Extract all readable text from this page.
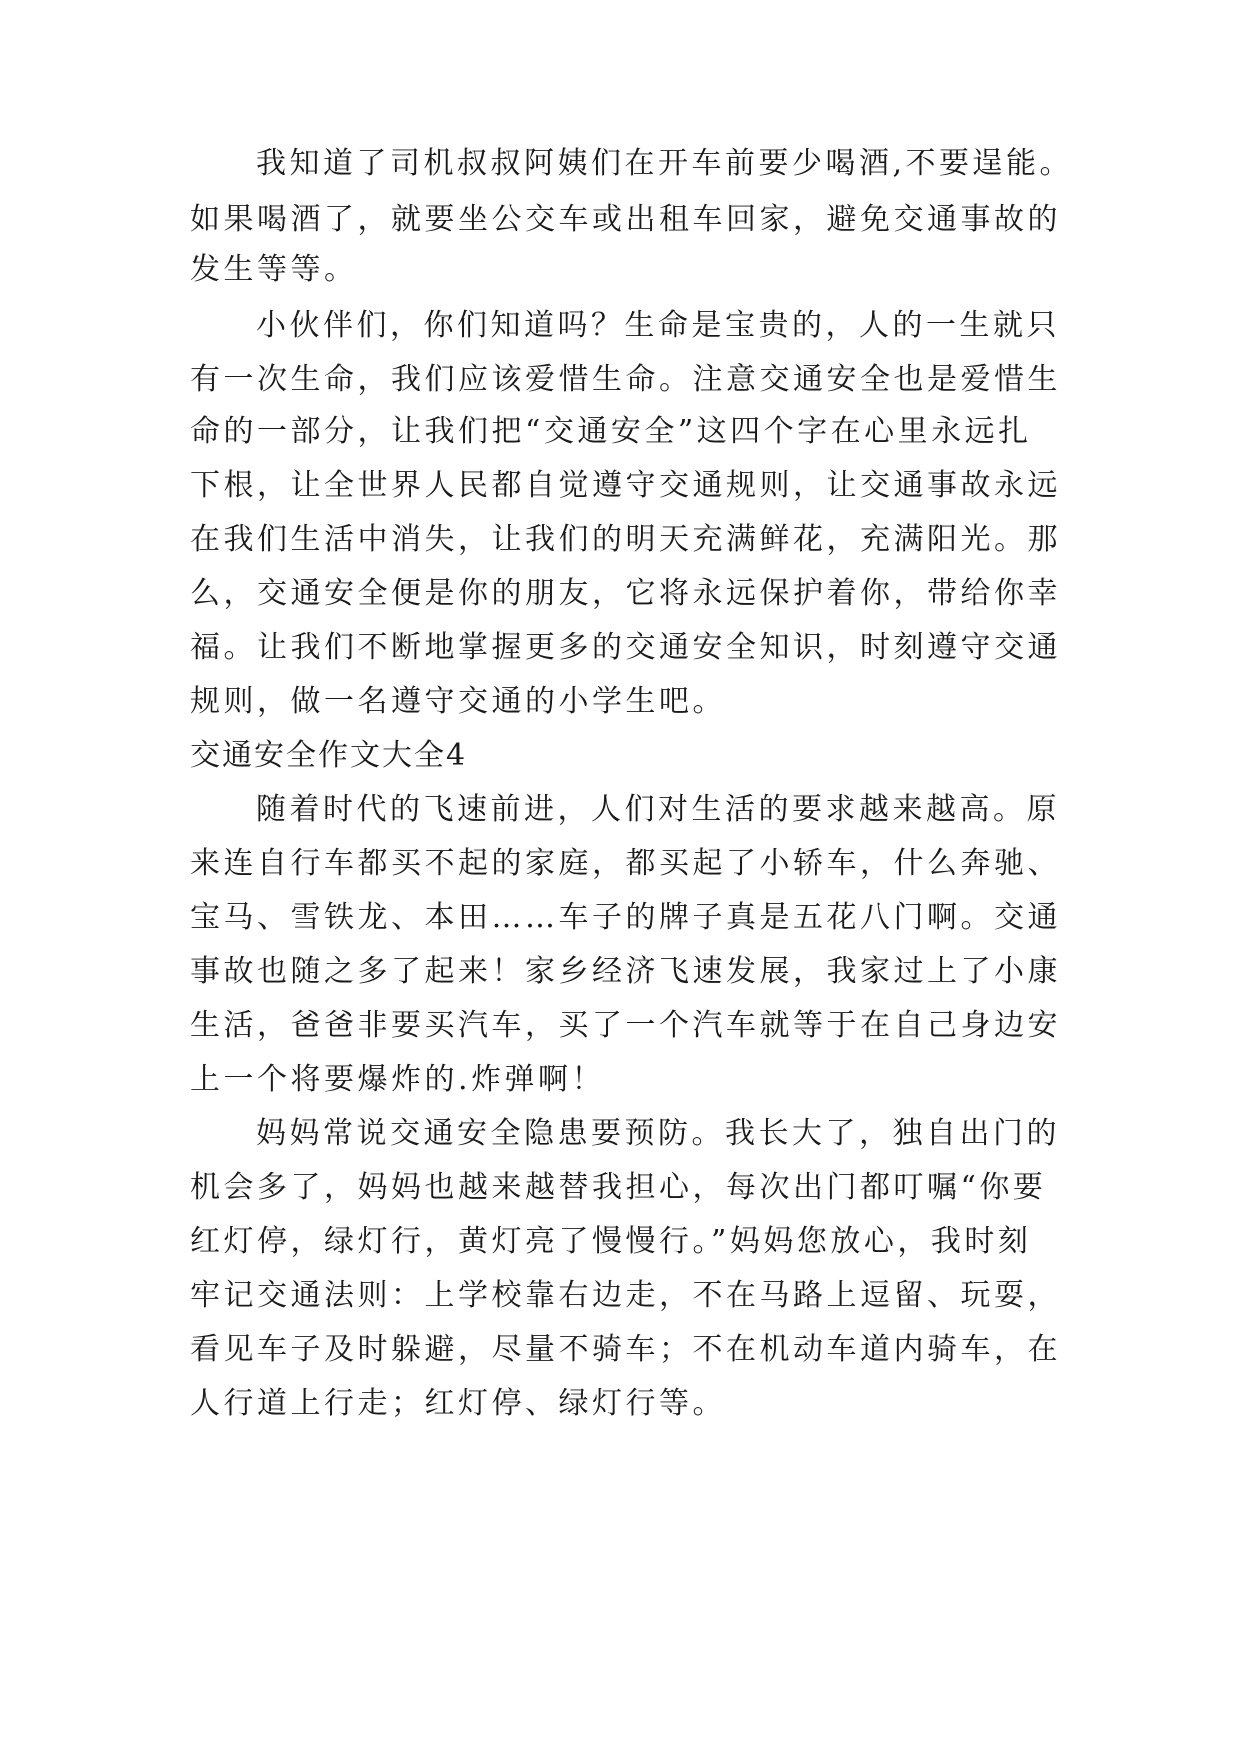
我知道了司机叔叔阿姨们在开车前要少喝酒,不要逞能。
如果喝酒了，就要坐公交车或出租车回家，避免交通事故的
发生等等。
小伙伴们，你们知道吗？生命是宝贵的，人的一生就只
有一次生命，我们应该爱惜生命。注意交通安全也是爱惜生
命的一部分，让我们把“交通安全”这四个字在心里永远扎
下根，让全世界人民都自觉遵守交通规则，让交通事故永远
在我们生活中消失，让我们的明天充满鲜花，充满阳光。那
么，交通安全便是你的朋友，它将永远保护着你，带给你幸
福。让我们不断地掌握更多的交通安全知识，时刻遵守交通
规则，做一名遵守交通的小学生吧。
交通安全作文大全4
随着时代的飞速前进，人们对生活的要求越来越高。原
来连自行车都买不起的家庭，都买起了小轿车，什么奔驰、
宝马、雪铁龙、本田……车子的牌子真是五花八门啊。交通
事故也随之多了起来！家乡经济飞速发展，我家过上了小康
生活，爸爸非要买汽车，买了一个汽车就等于在自己身边安
上一个将要爆炸的.炸弹啊！
妈妈常说交通安全隐患要预防。我长大了，独自出门的
机会多了，妈妈也越来越替我担心，每次出门都叮嘱“你要
红灯停，绿灯行，黄灯亮了慢慢行。”妈妈您放心，我时刻
牢记交通法则：上学校靠右边走，不在马路上逗留、玩耍，
看见车子及时躲避，尽量不骑车；不在机动车道内骑车，在
人行道上行走；红灯停、绿灯行等。
